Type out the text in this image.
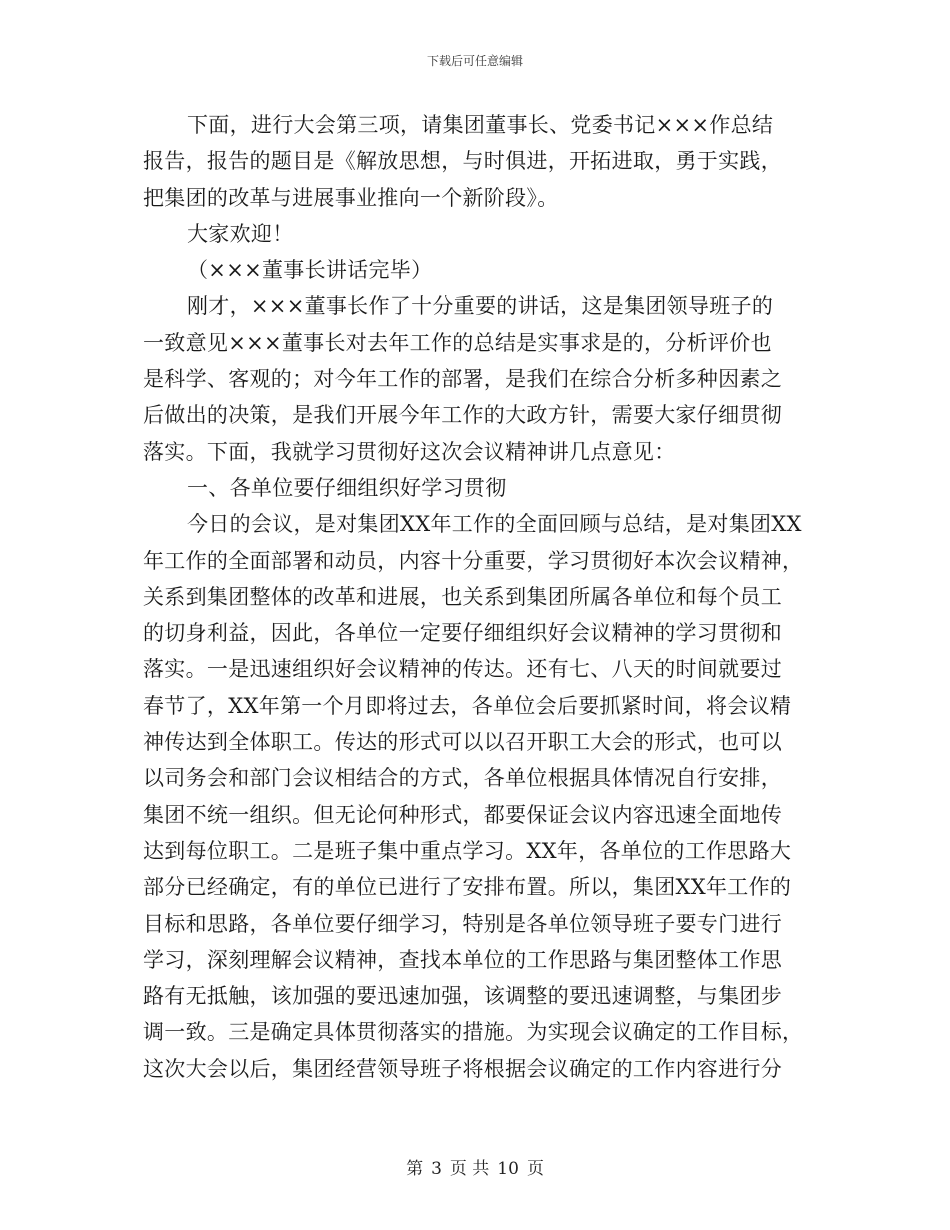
下载后可任意编辑
下面，进行大会第三项，请集团董事长、党委书记×××作总结
报告，报告的题目是《解放思想，与时俱进，开拓进取，勇于实践，
把集团的改革与进展事业推向一个新阶段》。
大家欢迎！
（×××董事长讲话完毕）
刚才，×××董事长作了十分重要的讲话，这是集团领导班子的
一致意见×××董事长对去年工作的总结是实事求是的，分析评价也
是科学、客观的；对今年工作的部署，是我们在综合分析多种因素之
后做出的决策，是我们开展今年工作的大政方针，需要大家仔细贯彻
落实。下面，我就学习贯彻好这次会议精神讲几点意见：
一、各单位要仔细组织好学习贯彻
今日的会议，是对集团XX年工作的全面回顾与总结，是对集团XX
年工作的全面部署和动员，内容十分重要，学习贯彻好本次会议精神，
关系到集团整体的改革和进展，也关系到集团所属各单位和每个员工
的切身利益，因此，各单位一定要仔细组织好会议精神的学习贯彻和
落实。一是迅速组织好会议精神的传达。还有七、八天的时间就要过
春节了，XX年第一个月即将过去，各单位会后要抓紧时间，将会议精
神传达到全体职工。传达的形式可以以召开职工大会的形式，也可以
以司务会和部门会议相结合的方式，各单位根据具体情况自行安排，
集团不统一组织。但无论何种形式，都要保证会议内容迅速全面地传
达到每位职工。二是班子集中重点学习。XX年，各单位的工作思路大
部分已经确定，有的单位已进行了安排布置。所以，集团XX年工作的
目标和思路，各单位要仔细学习，特别是各单位领导班子要专门进行
学习，深刻理解会议精神，查找本单位的工作思路与集团整体工作思
路有无抵触，该加强的要迅速加强，该调整的要迅速调整，与集团步
调一致。三是确定具体贯彻落实的措施。为实现会议确定的工作目标，
这次大会以后，集团经营领导班子将根据会议确定的工作内容进行分
第 3 页 共 10 页
